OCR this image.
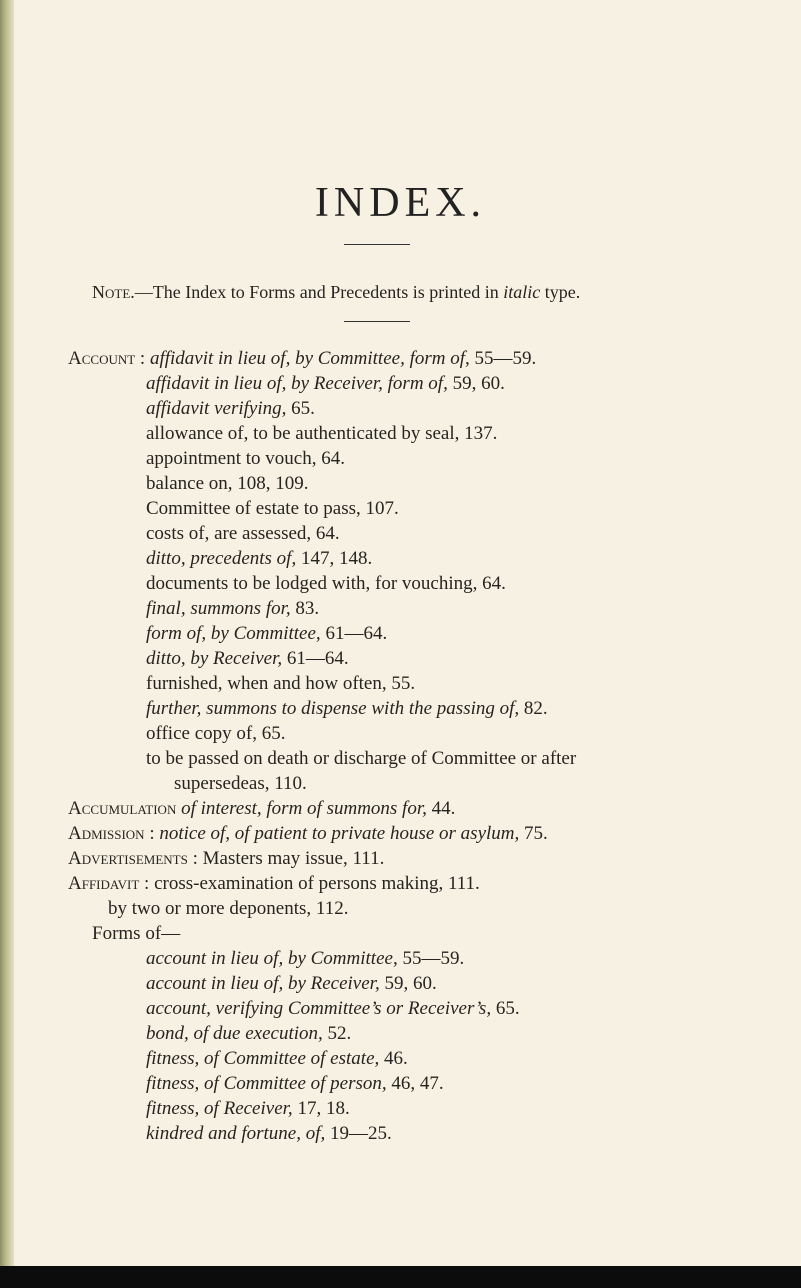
INDEX.
Note.—The Index to Forms and Precedents is printed in italic type.
Account : affidavit in lieu of, by Committee, form of, 55—59.
affidavit in lieu of, by Receiver, form of, 59, 60.
affidavit verifying, 65.
allowance of, to be authenticated by seal, 137.
appointment to vouch, 64.
balance on, 108, 109.
Committee of estate to pass, 107.
costs of, are assessed, 64.
ditto, precedents of, 147, 148.
documents to be lodged with, for vouching, 64.
final, summons for, 83.
form of, by Committee, 61—64.
ditto, by Receiver, 61—64.
furnished, when and how often, 55.
further, summons to dispense with the passing of, 82.
office copy of, 65.
to be passed on death or discharge of Committee or after
supersedeas, 110.
Accumulation of interest, form of summons for, 44.
Admission : notice of, of patient to private house or asylum, 75.
Advertisements : Masters may issue, 111.
Affidavit : cross-examination of persons making, 111.
by two or more deponents, 112.
Forms of—
account in lieu of, by Committee, 55—59.
account in lieu of, by Receiver, 59, 60.
account, verifying Committee’s or Receiver’s, 65.
bond, of due execution, 52.
fitness, of Committee of estate, 46.
fitness, of Committee of person, 46, 47.
fitness, of Receiver, 17, 18.
kindred and fortune, of, 19—25.
